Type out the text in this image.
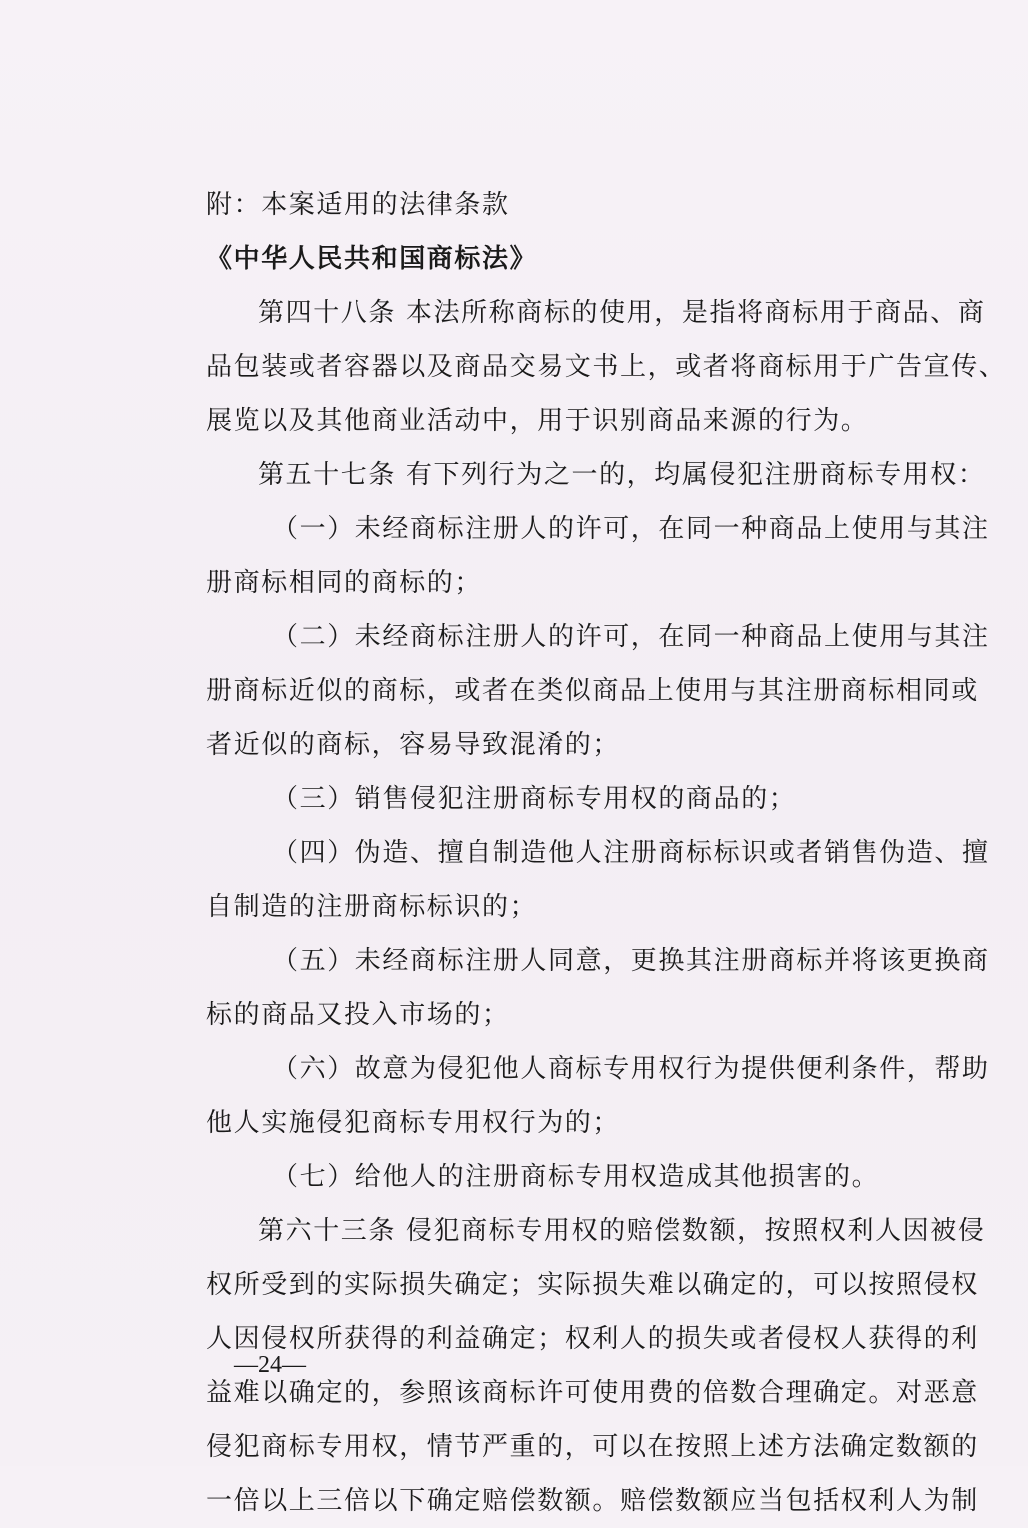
附：本案适用的法律条款
《中华人民共和国商标法》
第四十八条 本法所称商标的使用，是指将商标用于商品、商
品包装或者容器以及商品交易文书上，或者将商标用于广告宣传、
展览以及其他商业活动中，用于识别商品来源的行为。
第五十七条 有下列行为之一的，均属侵犯注册商标专用权：
（一）未经商标注册人的许可，在同一种商品上使用与其注
册商标相同的商标的；
（二）未经商标注册人的许可，在同一种商品上使用与其注
册商标近似的商标，或者在类似商品上使用与其注册商标相同或
者近似的商标，容易导致混淆的；
（三）销售侵犯注册商标专用权的商品的；
（四）伪造、擅自制造他人注册商标标识或者销售伪造、擅
自制造的注册商标标识的；
（五）未经商标注册人同意，更换其注册商标并将该更换商
标的商品又投入市场的；
（六）故意为侵犯他人商标专用权行为提供便利条件，帮助
他人实施侵犯商标专用权行为的；
（七）给他人的注册商标专用权造成其他损害的。
第六十三条 侵犯商标专用权的赔偿数额，按照权利人因被侵
权所受到的实际损失确定；实际损失难以确定的，可以按照侵权
人因侵权所获得的利益确定；权利人的损失或者侵权人获得的利
益难以确定的，参照该商标许可使用费的倍数合理确定。对恶意
侵犯商标专用权，情节严重的，可以在按照上述方法确定数额的
一倍以上三倍以下确定赔偿数额。赔偿数额应当包括权利人为制
—24—
